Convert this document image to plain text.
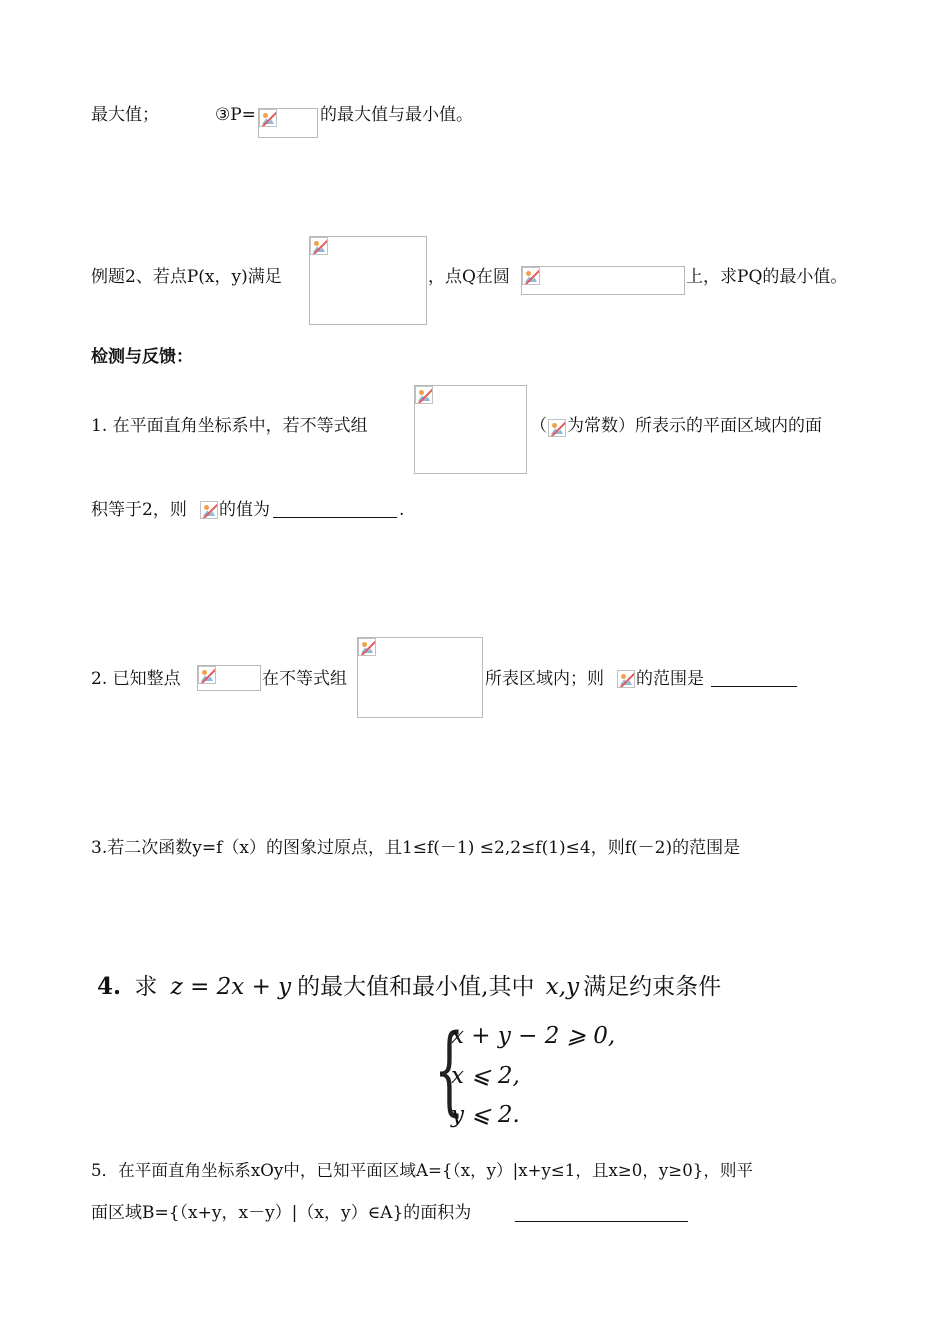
最大值；	③P=	的最大值与最小值。
例题2、若点P(x，y)满足	，点Q在圆	上，求PQ的最小值。
检测与反馈：
1. 在平面直角坐标系中，若不等式组	（ 为常数）所表示的平面区域内的面
积等于2，则 的值为	.
2. 已知整点	在不等式组	所表区域内；则 的范围是
3.若二次函数y=f（x）的图象过原点，且1≤f(－1) ≤2,2≤f(1)≤4，则f(－2)的范围是
4. 求 z = 2x + y 的最大值和最小值,其中 x,y 满足约束条件
{
x + y − 2 ⩾ 0,
x ⩽ 2,
y ⩽ 2.
5．在平面直角坐标系xOy中，已知平面区域A={（x，y）|x+y≤1，且x≥0，y≥0}，则平
面区域B={（x+y，x－y）|（x，y）∈A}的面积为
